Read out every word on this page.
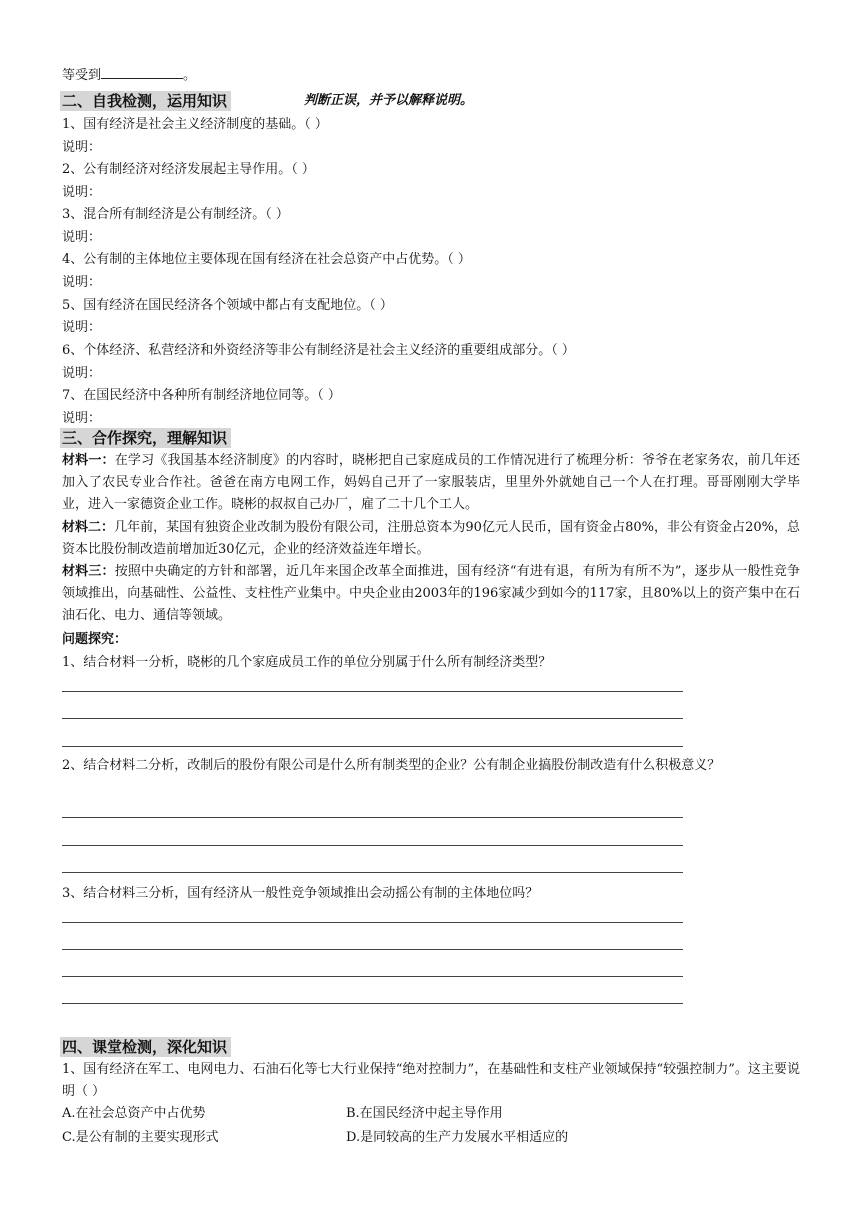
等受到	。
二、自我检测，运用知识	判断正误，并予以解释说明。
1、国有经济是社会主义经济制度的基础。（ ）
说明：
2、公有制经济对经济发展起主导作用。（ ）
说明：
3、混合所有制经济是公有制经济。（ ）
说明：
4、公有制的主体地位主要体现在国有经济在社会总资产中占优势。（ ）
说明：
5、国有经济在国民经济各个领域中都占有支配地位。（ ）
说明：
6、个体经济、私营经济和外资经济等非公有制经济是社会主义经济的重要组成部分。（ ）
说明：
7、在国民经济中各种所有制经济地位同等。（ ）
说明：
三、合作探究，理解知识
材料一：在学习《我国基本经济制度》的内容时，晓彬把自己家庭成员的工作情况进行了梳理分析：爷爷在老家务农，前几年还加入了农民专业合作社。爸爸在南方电网工作，妈妈自己开了一家服装店，里里外外就她自己一个人在打理。哥哥刚刚大学毕业，进入一家德资企业工作。晓彬的叔叔自己办厂，雇了二十几个工人。
材料二：几年前，某国有独资企业改制为股份有限公司，注册总资本为90亿元人民币，国有资金占80%，非公有资金占20%，总资本比股份制改造前增加近30亿元，企业的经济效益连年增长。
材料三：按照中央确定的方针和部署，近几年来国企改革全面推进，国有经济“有进有退，有所为有所不为”，逐步从一般性竞争领域推出，向基础性、公益性、支柱性产业集中。中央企业由2003年的196家减少到如今的117家，且80%以上的资产集中在石油石化、电力、通信等领域。
问题探究：
1、结合材料一分析，晓彬的几个家庭成员工作的单位分别属于什么所有制经济类型？
2、结合材料二分析，改制后的股份有限公司是什么所有制类型的企业？公有制企业搞股份制改造有什么积极意义？
3、结合材料三分析，国有经济从一般性竞争领域推出会动摇公有制的主体地位吗？
四、课堂检测，深化知识
1、国有经济在军工、电网电力、石油石化等七大行业保持“绝对控制力”，在基础性和支柱产业领域保持“较强控制力”。这主要说明（ ）
A.在社会总资产中占优势	B.在国民经济中起主导作用
C.是公有制的主要实现形式	D.是同较高的生产力发展水平相适应的
